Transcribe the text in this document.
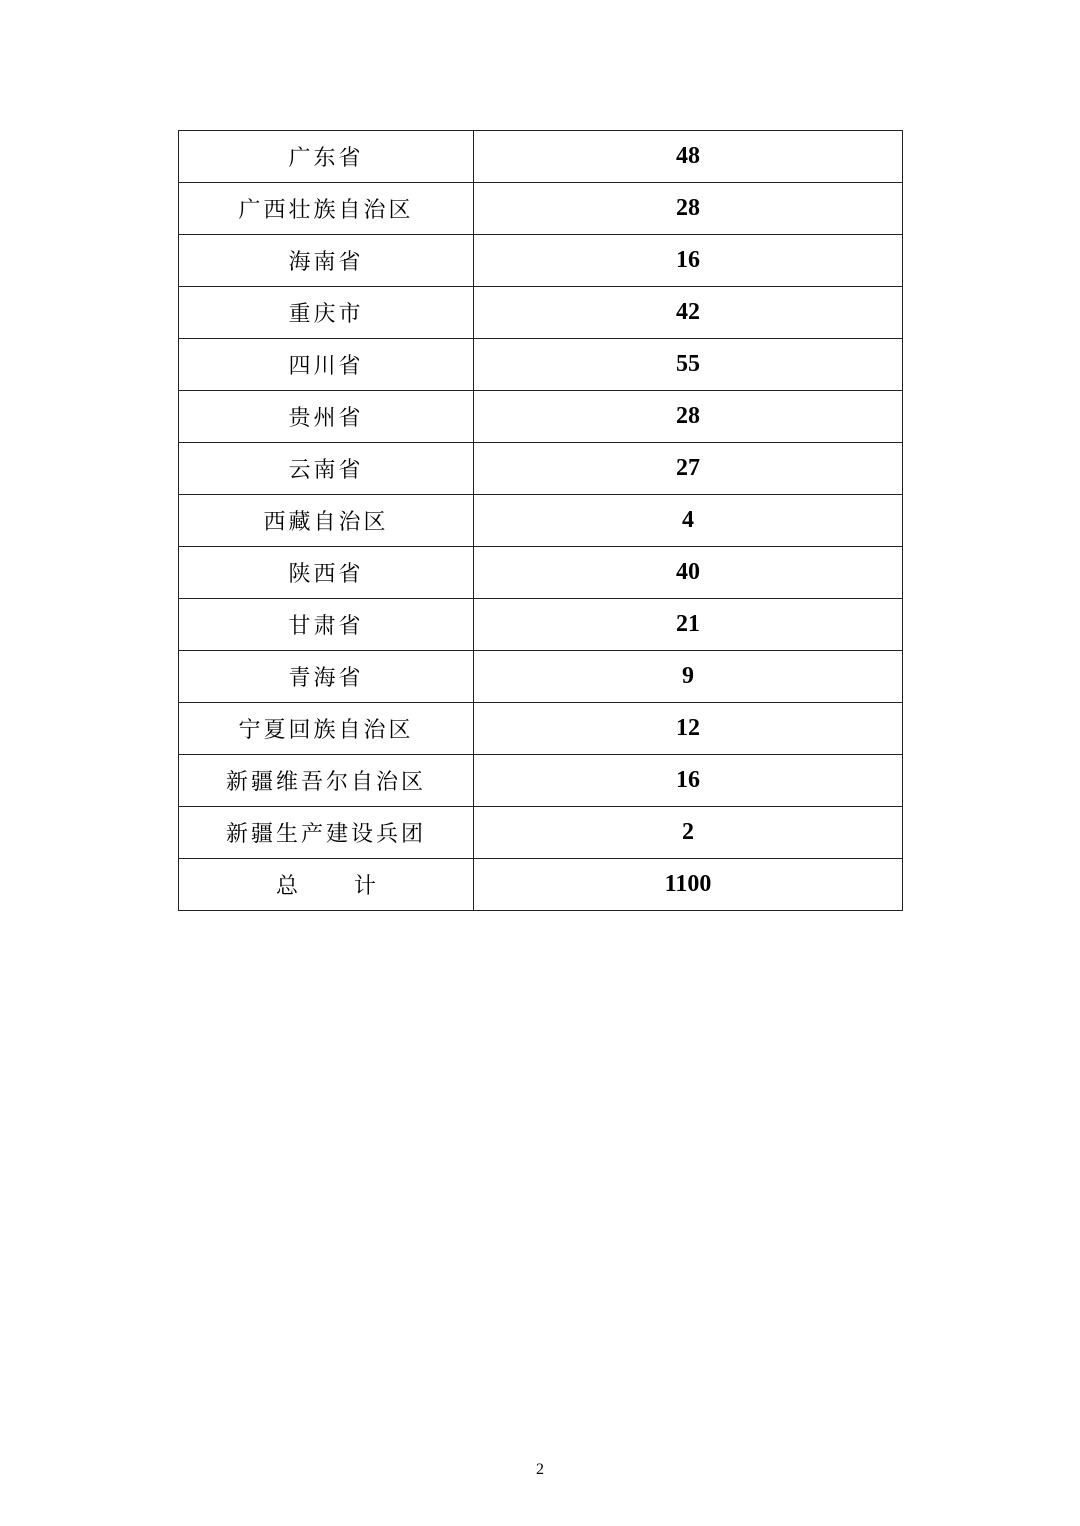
广东省	48
广西壮族自治区	28
海南省	16
重庆市	42
四川省	55
贵州省	28
云南省	27
西藏自治区	4
陕西省	40
甘肃省	21
青海省	9
宁夏回族自治区	12
新疆维吾尔自治区	16
新疆生产建设兵团	2
总 计	1100
2
